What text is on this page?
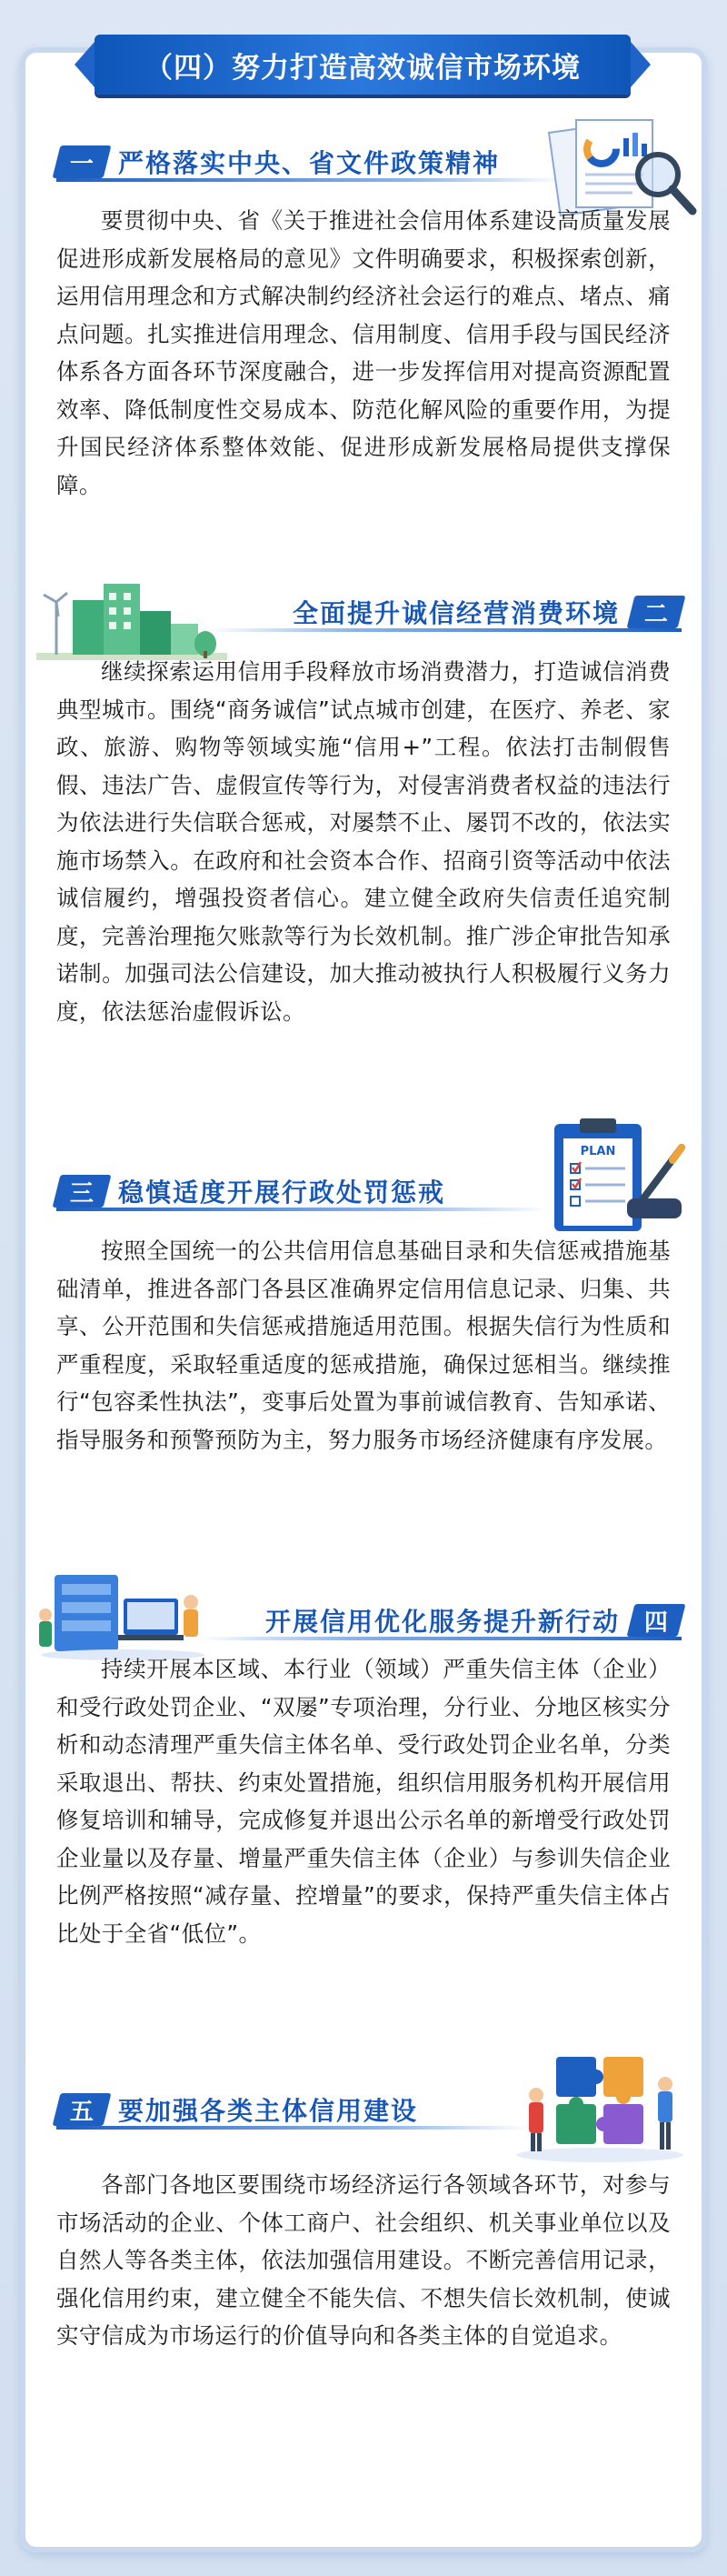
（四）努力打造高效诚信市场环境
一 严格落实中央、省文件政策精神
要贯彻中央、省《关于推进社会信用体系建设高质量发展促进形成新发展格局的意见》文件明确要求，积极探索创新，运用信用理念和方式解决制约经济社会运行的难点、堵点、痛点问题。扎实推进信用理念、信用制度、信用手段与国民经济体系各方面各环节深度融合，进一步发挥信用对提高资源配置效率、降低制度性交易成本、防范化解风险的重要作用，为提升国民经济体系整体效能、促进形成新发展格局提供支撑保障。
全面提升诚信经营消费环境	二
继续探索运用信用手段释放市场消费潜力，打造诚信消费典型城市。围绕“商务诚信”试点城市创建，在医疗、养老、家政、旅游、购物等领域实施“信用+”工程。依法打击制假售假、违法广告、虚假宣传等行为，对侵害消费者权益的违法行为依法进行失信联合惩戒，对屡禁不止、屡罚不改的，依法实施市场禁入。在政府和社会资本合作、招商引资等活动中依法诚信履约，增强投资者信心。建立健全政府失信责任追究制度，完善治理拖欠账款等行为长效机制。推广涉企审批告知承诺制。加强司法公信建设，加大推动被执行人积极履行义务力度，依法惩治虚假诉讼。
三 稳慎适度开展行政处罚惩戒
PLAN
按照全国统一的公共信用信息基础目录和失信惩戒措施基础清单，推进各部门各县区准确界定信用信息记录、归集、共享、公开范围和失信惩戒措施适用范围。根据失信行为性质和严重程度，采取轻重适度的惩戒措施，确保过惩相当。继续推行“包容柔性执法”，变事后处置为事前诚信教育、告知承诺、指导服务和预警预防为主，努力服务市场经济健康有序发展。
开展信用优化服务提升新行动	四
持续开展本区域、本行业（领域）严重失信主体（企业）和受行政处罚企业、“双屡”专项治理，分行业、分地区核实分析和动态清理严重失信主体名单、受行政处罚企业名单，分类采取退出、帮扶、约束处置措施，组织信用服务机构开展信用修复培训和辅导，完成修复并退出公示名单的新增受行政处罚企业量以及存量、增量严重失信主体（企业）与参训失信企业比例严格按照“减存量、控增量”的要求，保持严重失信主体占比处于全省“低位”。
五 要加强各类主体信用建设
各部门各地区要围绕市场经济运行各领域各环节，对参与市场活动的企业、个体工商户、社会组织、机关事业单位以及自然人等各类主体，依法加强信用建设。不断完善信用记录，强化信用约束，建立健全不能失信、不想失信长效机制，使诚实守信成为市场运行的价值导向和各类主体的自觉追求。
